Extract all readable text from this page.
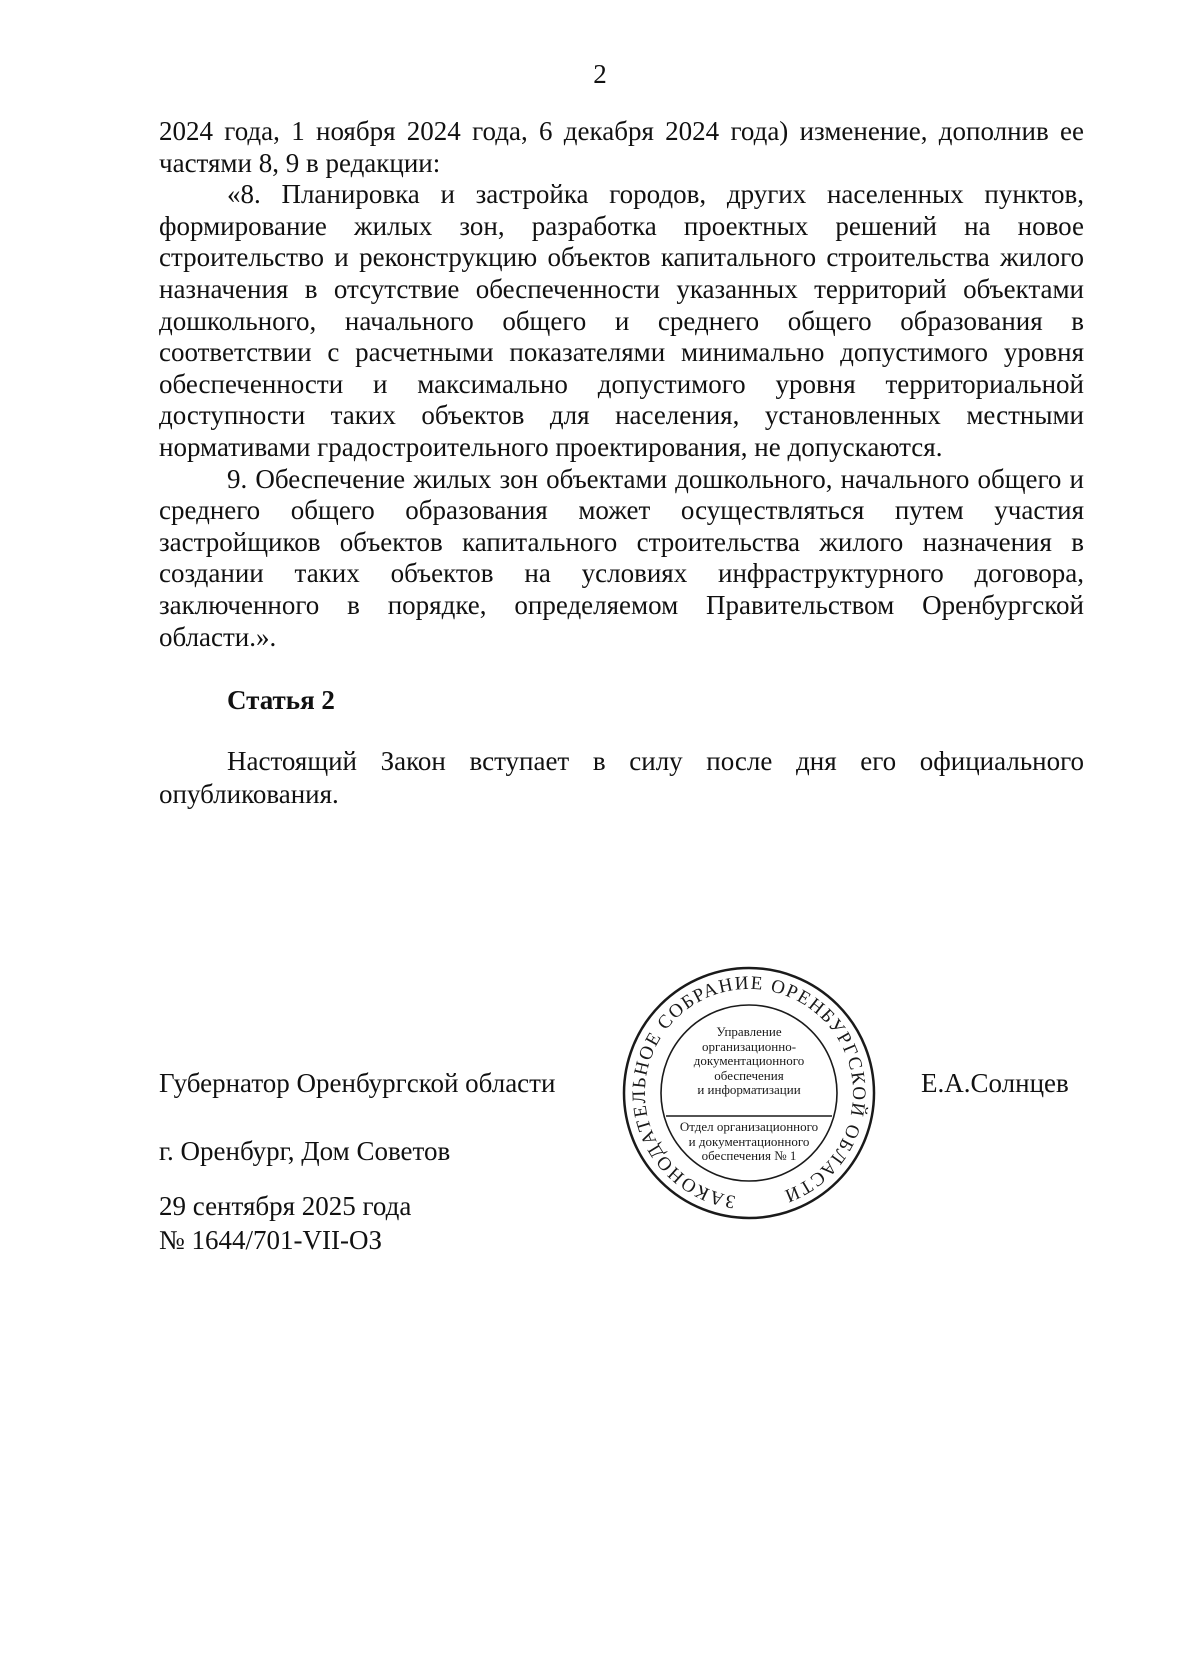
2

2024 года, 1 ноября 2024 года, 6 декабря 2024 года) изменение, дополнив ее частями 8, 9 в редакции:

«8. Планировка и застройка городов, других населенных пунктов, формирование жилых зон, разработка проектных решений на новое строительство и реконструкцию объектов капитального строительства жилого назначения в отсутствие обеспеченности указанных территорий объектами дошкольного, начального общего и среднего общего образования в соответствии с расчетными показателями минимально допустимого уровня обеспеченности и максимально допустимого уровня территориальной доступности таких объектов для населения, установленных местными нормативами градостроительного проектирования, не допускаются.

9. Обеспечение жилых зон объектами дошкольного, начального общего и среднего общего образования может осуществляться путем участия застройщиков объектов капитального строительства жилого назначения в создании таких объектов на условиях инфраструктурного договора, заключенного в порядке, определяемом Правительством Оренбургской области.».

Статья 2

Настоящий Закон вступает в силу после дня его официального опубликования.

Губернатор Оренбургской области	Е.А.Солнцев
г. Оренбург, Дом Советов
29 сентября 2025 года
№ 1644/701-VII-ОЗ
ЗАКОНОДАТЕЛЬНОЕ СОБРАНИЕ ОРЕНБУРГСКОЙ ОБЛАСТИ
Управление
организационно-
документационного
обеспечения
и информатизации
Отдел организационного
и документационного
обеспечения № 1
